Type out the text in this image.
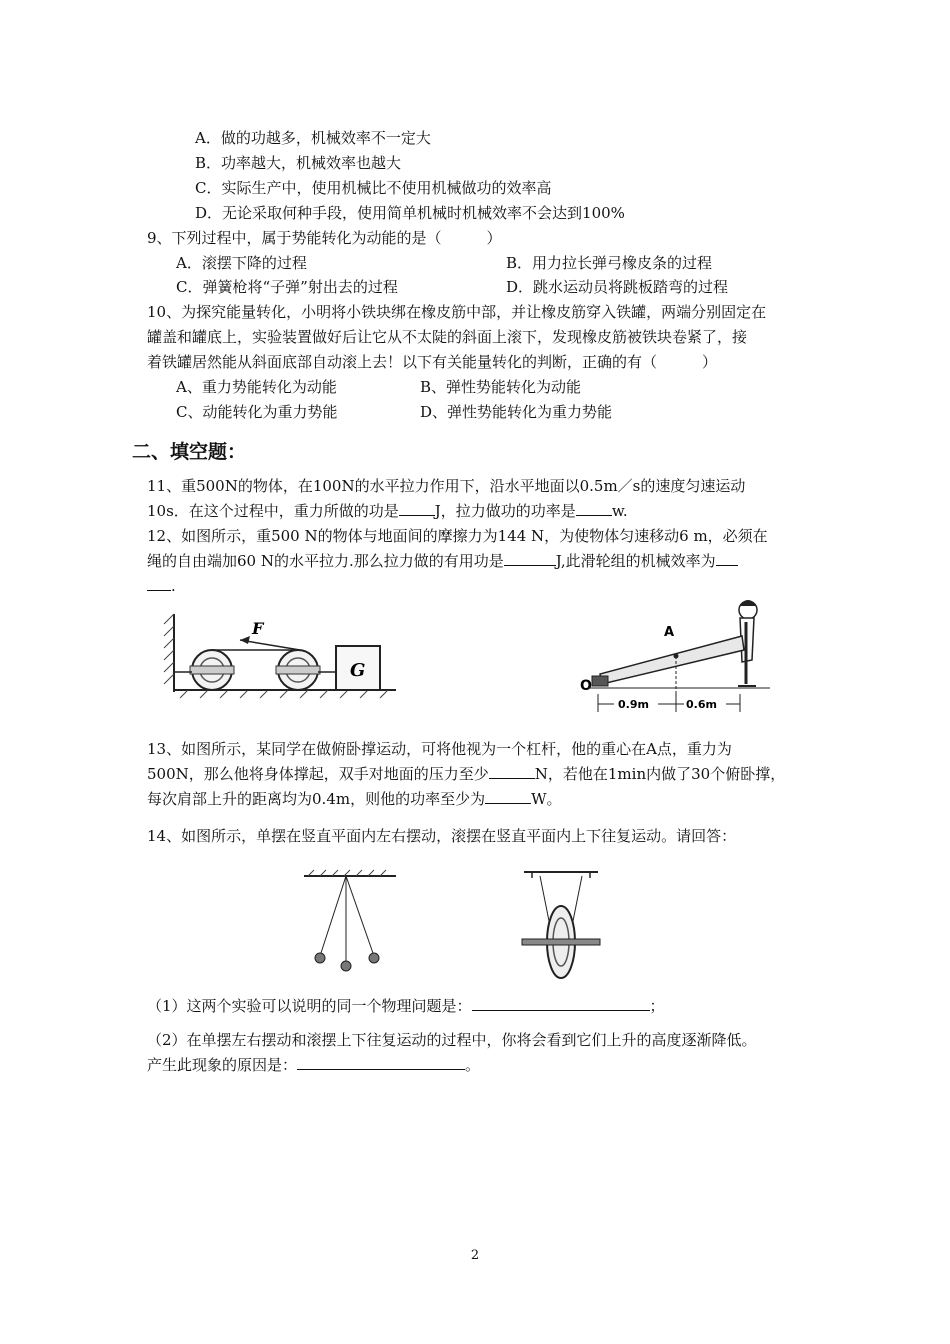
A．做的功越多，机械效率不一定大
B．功率越大，机械效率也越大
C．实际生产中，使用机械比不使用机械做功的效率高
D．无论采取何种手段，使用简单机械时机械效率不会达到100%
9、下列过程中，属于势能转化为动能的是（　　　）
A．滚摆下降的过程	B．用力拉长弹弓橡皮条的过程
C．弹簧枪将“子弹”射出去的过程	D．跳水运动员将跳板踏弯的过程
10、为探究能量转化，小明将小铁块绑在橡皮筋中部，并让橡皮筋穿入铁罐，两端分别固定在
罐盖和罐底上，实验装置做好后让它从不太陡的斜面上滚下，发现橡皮筋被铁块卷紧了，接
着铁罐居然能从斜面底部自动滚上去！以下有关能量转化的判断，正确的有（　　　）
A、重力势能转化为动能	B、弹性势能转化为动能
C、动能转化为重力势能	D、弹性势能转化为重力势能
二、填空题：
11、重500N的物体，在100N的水平拉力作用下，沿水平地面以0.5m／s的速度匀速运动
10s．在这个过程中，重力所做的功是 J，拉力做功的功率是 w.
12、如图所示，重500 N的物体与地面间的摩擦力为144 N，为使物体匀速移动6 m，必须在
绳的自由端加60 N的水平拉力.那么拉力做的有用功是	J,此滑轮组的机械效率为
.
F
G
A
O
0.9m	0.6m
13、如图所示，某同学在做俯卧撑运动，可将他视为一个杠杆，他的重心在A点，重力为
500N，那么他将身体撑起，双手对地面的压力至少	N，若他在1min内做了30个俯卧撑，
每次肩部上升的距离均为0.4m，则他的功率至少为	W。
14、如图所示，单摆在竖直平面内左右摆动，滚摆在竖直平面内上下往复运动。请回答：
（1）这两个实验可以说明的同一个物理问题是：	；
（2）在单摆左右摆动和滚摆上下往复运动的过程中，你将会看到它们上升的高度逐渐降低。
产生此现象的原因是：	。
2
